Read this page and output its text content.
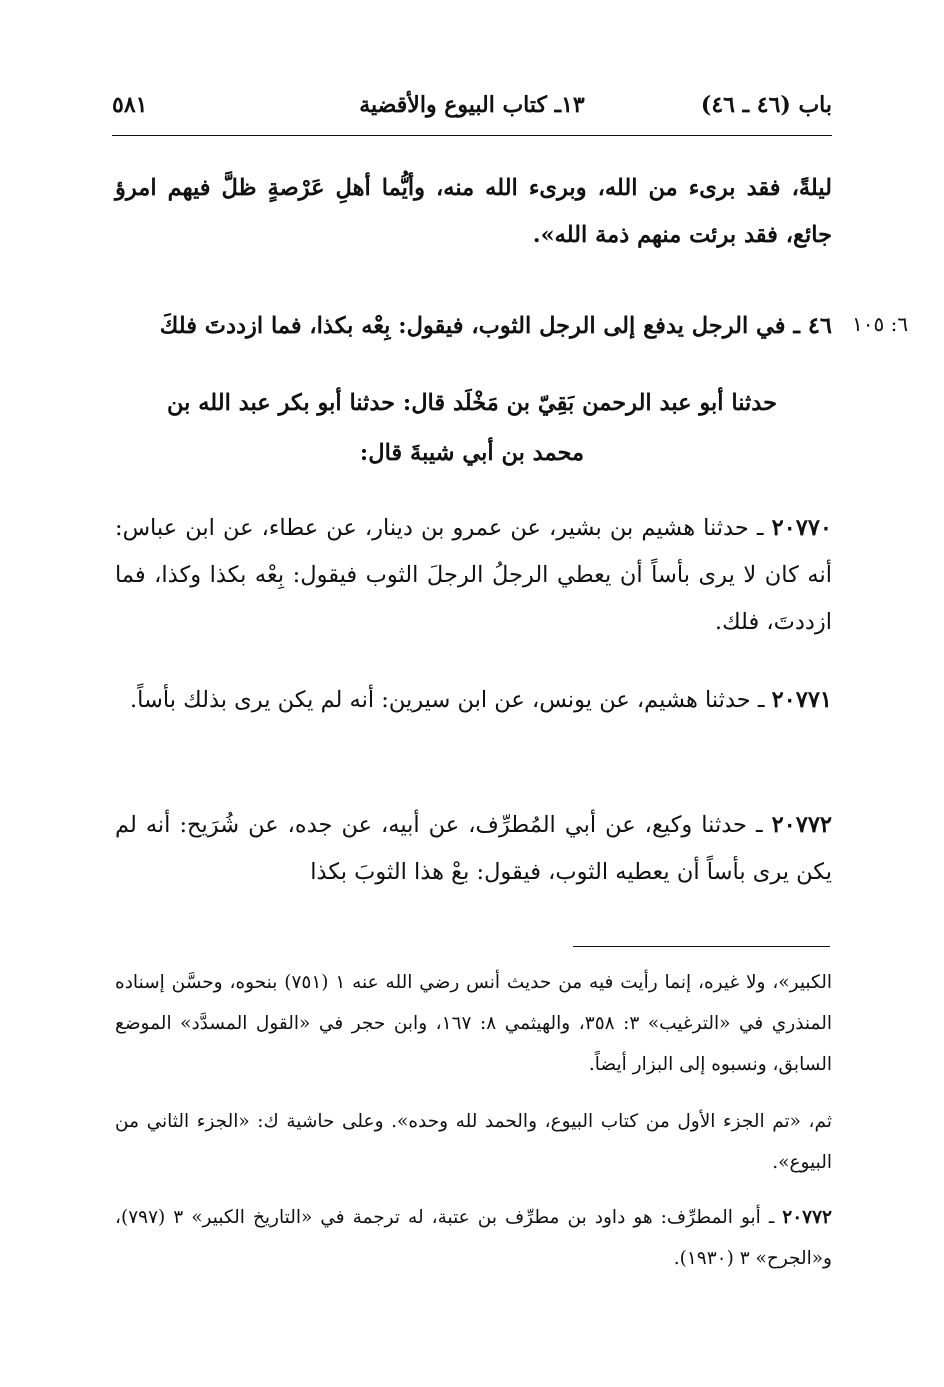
باب (٤٦ ـ ٤٦)
١٣ـ كتاب البيوع والأقضية
٥٨١
ليلةً، فقد برىء من الله، وبرىء الله منه، وأيُّما أهلِ عَرْصةٍ ظلَّ فيهم امرؤ جائع، فقد برئت منهم ذمة الله».
٦: ١٠٥
٤٦ ـ في الرجل يدفع إلى الرجل الثوب، فيقول: بِعْه بكذا، فما ازددتَ فلكَ
حدثنا أبو عبد الرحمن بَقِيّ بن مَخْلَد قال: حدثنا أبو بكر عبد الله بن محمد بن أبي شيبةَ قال:
٢٠٧٧٠ ـ حدثنا هشيم بن بشير، عن عمرو بن دينار، عن عطاء، عن ابن عباس: أنه كان لا يرى بأساً أن يعطي الرجلُ الرجلَ الثوب فيقول: بِعْه بكذا وكذا، فما ازددتَ، فلك.
٢٠٧٧١ ـ حدثنا هشيم، عن يونس، عن ابن سيرين: أنه لم يكن يرى بذلك بأساً.
٢٠٧٧٢ ـ حدثنا وكيع، عن أبي المُطرِّف، عن أبيه، عن جده، عن شُرَيح: أنه لم يكن يرى بأساً أن يعطيه الثوب، فيقول: بعْ هذا الثوبَ بكذا
الكبير»، ولا غيره، إنما رأيت فيه من حديث أنس رضي الله عنه ١ (٧٥١) بنحوه، وحسَّن إسناده المنذري في «الترغيب» ٣: ٣٥٨، والهيثمي ٨: ١٦٧، وابن حجر في «القول المسدَّد» الموضع السابق، ونسبوه إلى البزار أيضاً.
ثم، «تم الجزء الأول من كتاب البيوع، والحمد لله وحده». وعلى حاشية ك: «الجزء الثاني من البيوع».
٢٠٧٧٢ ـ أبو المطرِّف: هو داود بن مطرِّف بن عتبة، له ترجمة في «التاريخ الكبير» ٣ (٧٩٧)، و«الجرح» ٣ (١٩٣٠).
